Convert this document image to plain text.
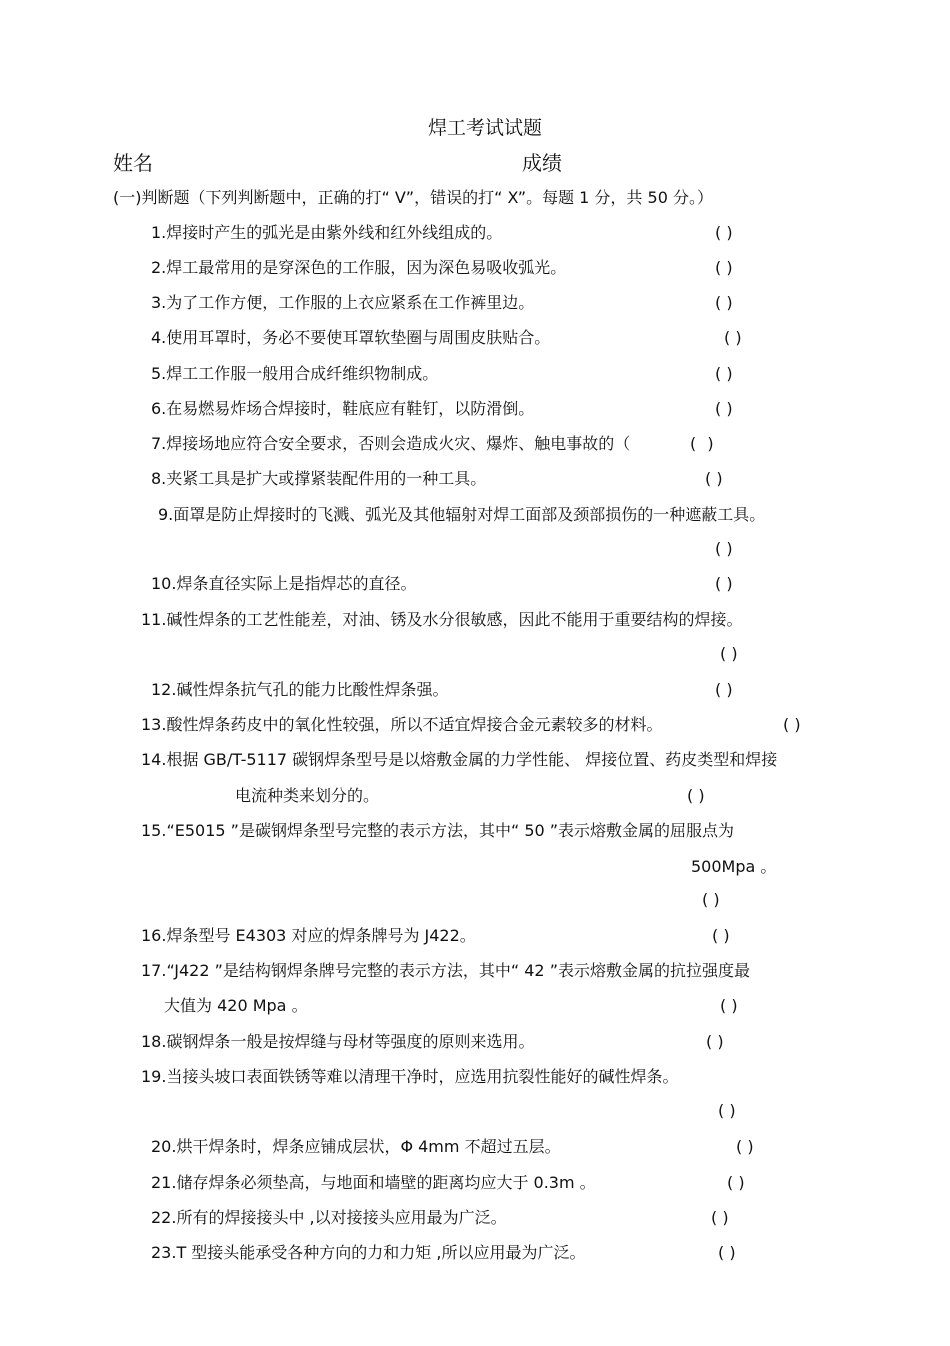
焊工考试试题
姓名	成绩
(一)判断题（下列判断题中，正确的打“ V”，错误的打“ X”。每题 1 分，共 50 分。）
1.焊接时产生的弧光是由紫外线和红外线组成的。	( )
2.焊工最常用的是穿深色的工作服，因为深色易吸收弧光。	( )
3.为了工作方便，工作服的上衣应紧系在工作裤里边。	( )
4.使用耳罩时，务必不要使耳罩软垫圈与周围皮肤贴合。	( )
5.焊工工作服一般用合成纤维织物制成。	( )
6.在易燃易炸场合焊接时，鞋底应有鞋钉，以防滑倒。	( )
7.焊接场地应符合安全要求，否则会造成火灾、爆炸、触电事故的（	( )
8.夹紧工具是扩大或撑紧装配件用的一种工具。	( )
9.面罩是防止焊接时的飞溅、弧光及其他辐射对焊工面部及颈部损伤的一种遮蔽工具。
( )
10.焊条直径实际上是指焊芯的直径。	( )
11.碱性焊条的工艺性能差，对油、锈及水分很敏感，因此不能用于重要结构的焊接。
( )
12.碱性焊条抗气孔的能力比酸性焊条强。	( )
13.酸性焊条药皮中的氧化性较强，所以不适宜焊接合金元素较多的材料。	( )
14.根据 GB/T-5117 碳钢焊条型号是以熔敷金属的力学性能、 焊接位置、药皮类型和焊接
电流种类来划分的。	( )
15.“E5015 ”是碳钢焊条型号完整的表示方法，其中“ 50 ”表示熔敷金属的屈服点为
500Mpa 。
( )
16.焊条型号 E4303 对应的焊条牌号为 J422。	( )
17.“J422 ”是结构钢焊条牌号完整的表示方法，其中“ 42 ”表示熔敷金属的抗拉强度最
大值为 420 Mpa 。	( )
18.碳钢焊条一般是按焊缝与母材等强度的原则来选用。	( )
19.当接头坡口表面铁锈等难以清理干净时，应选用抗裂性能好的碱性焊条。
( )
20.烘干焊条时，焊条应铺成层状，Φ 4mm 不超过五层。	( )
21.储存焊条必须垫高，与地面和墙壁的距离均应大于 0.3m 。	( )
22.所有的焊接接头中 ,以对接接头应用最为广泛。	( )
23.T 型接头能承受各种方向的力和力矩 ,所以应用最为广泛。	( )
